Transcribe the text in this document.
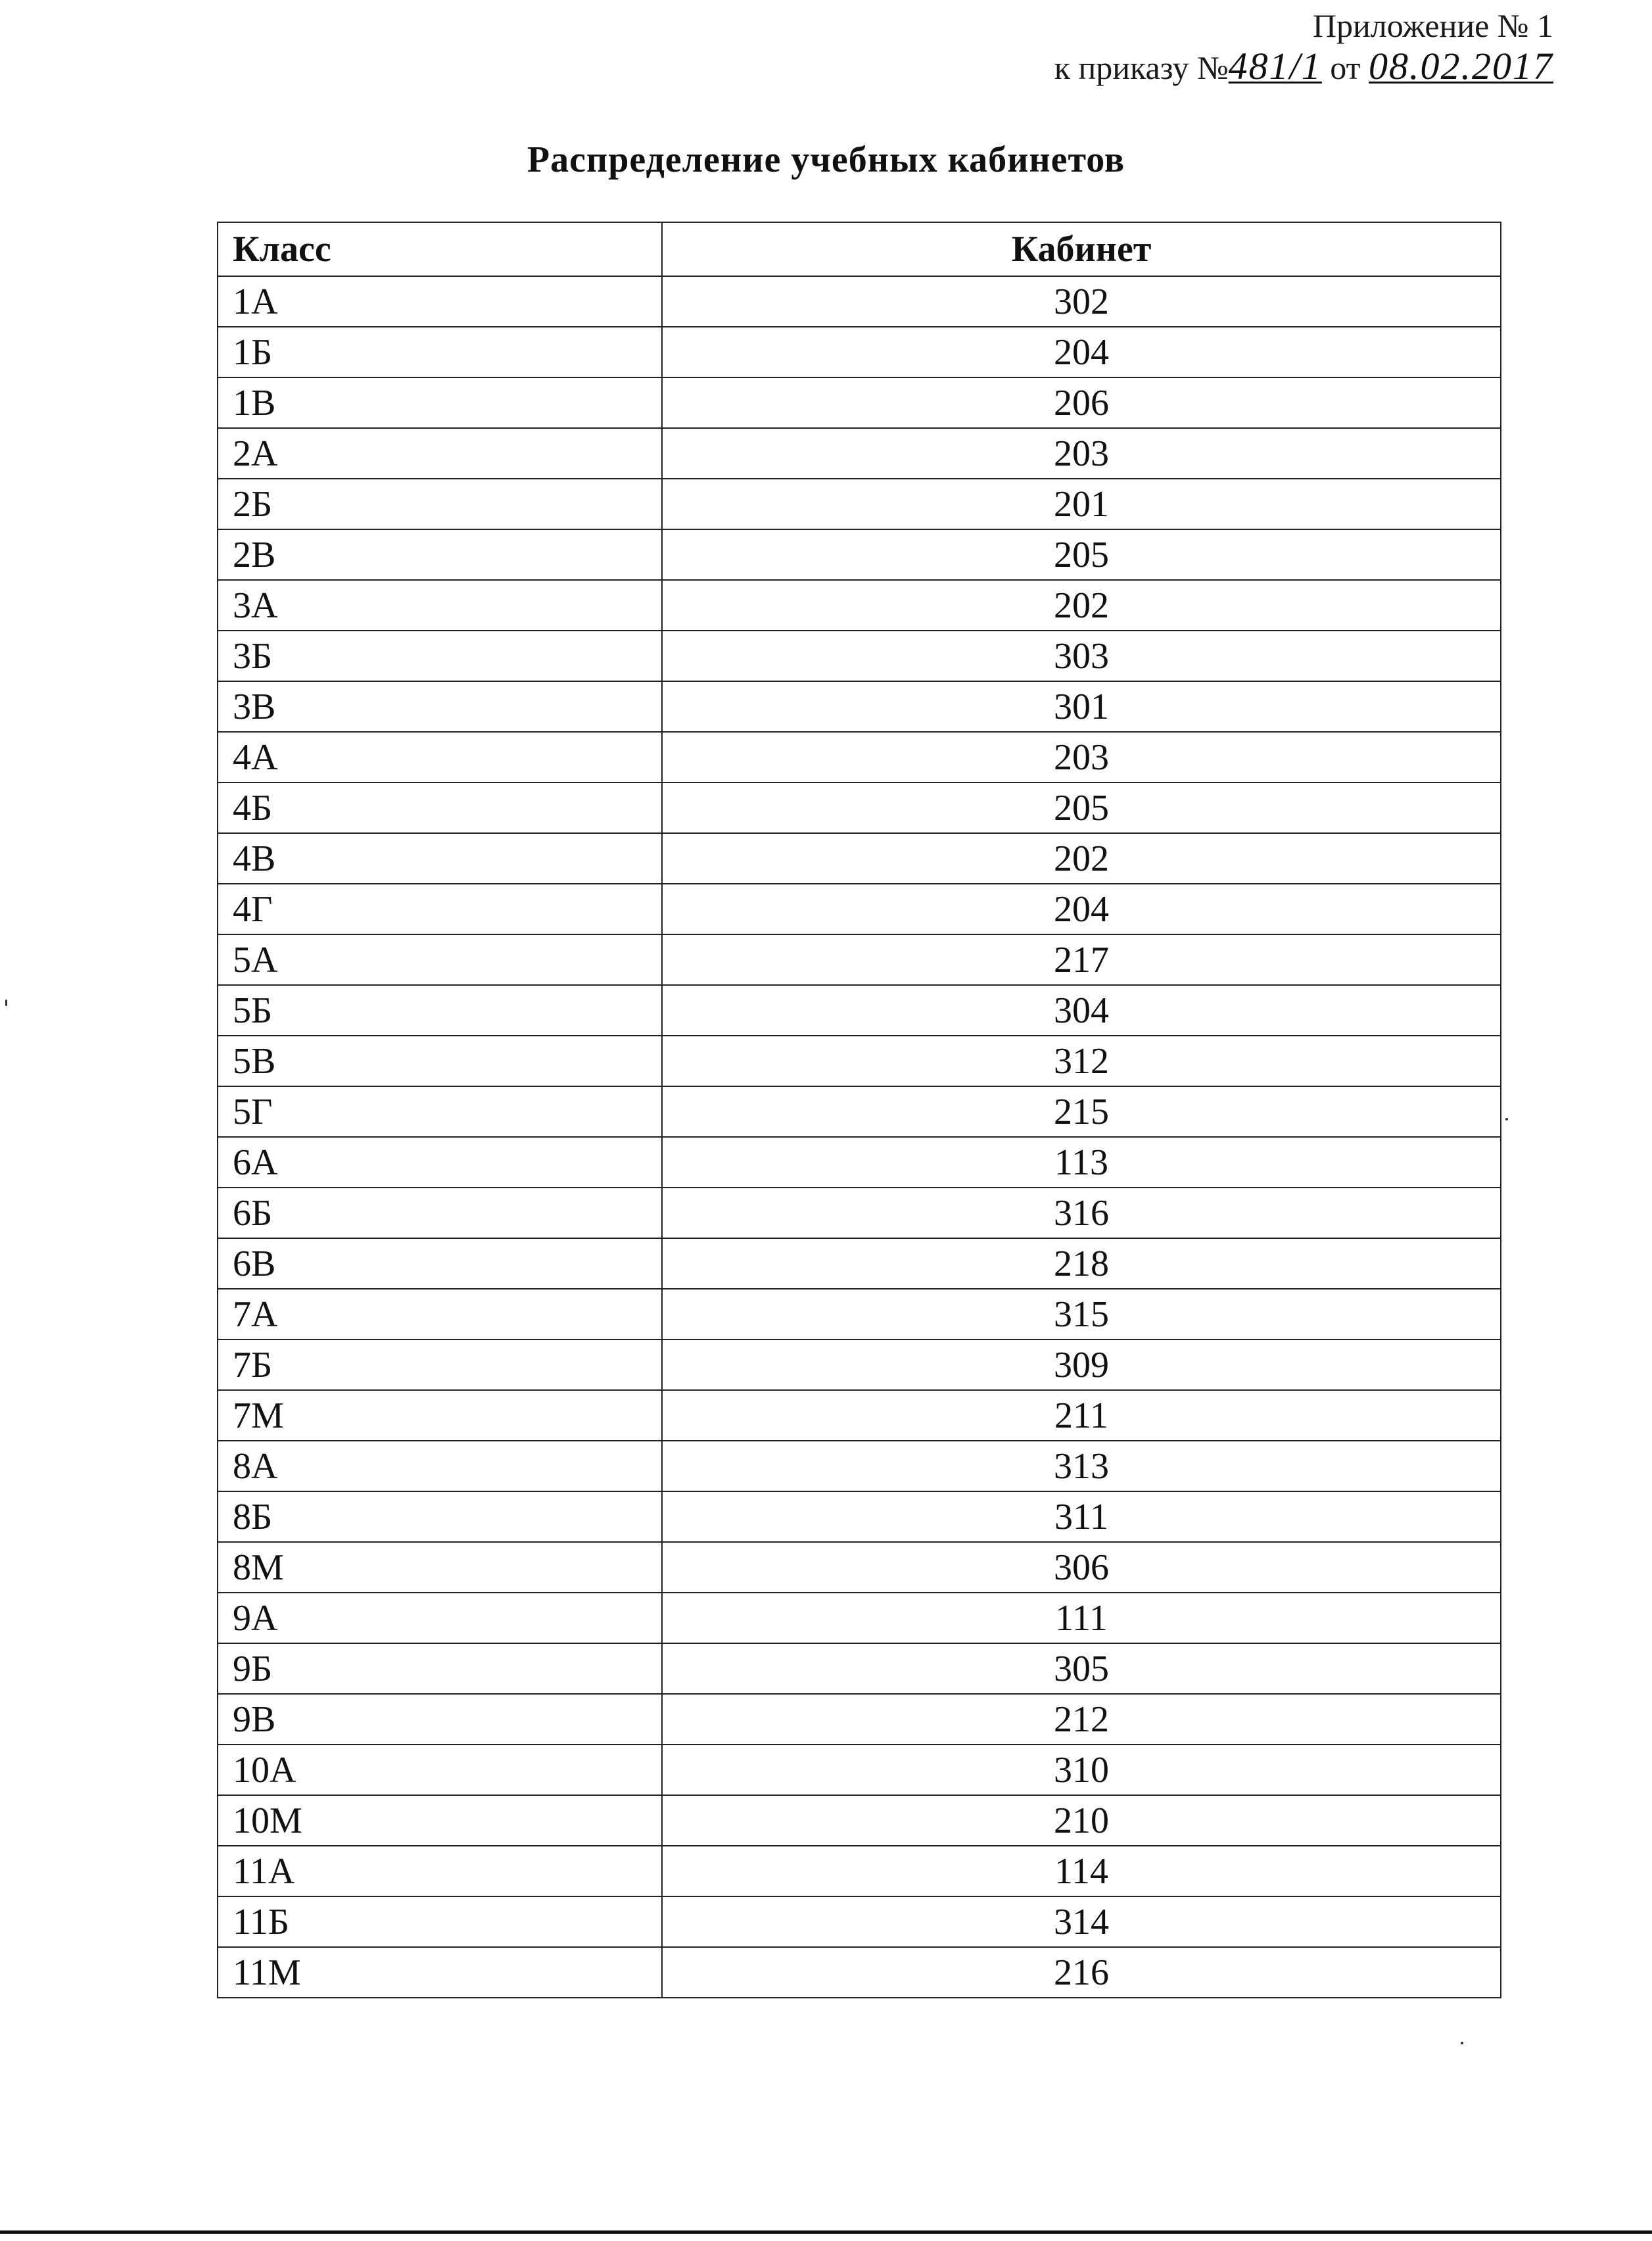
Приложение № 1
к приказу №481/1 от 08.02.2017
Распределение учебных кабинетов
Класс	Кабинет
1А	302
1Б	204
1В	206
2А	203
2Б	201
2В	205
3А	202
3Б	303
3В	301
4А	203
4Б	205
4В	202
4Г	204
5А	217
5Б	304
5В	312
5Г	215
6А	113
6Б	316
6В	218
7А	315
7Б	309
7М	211
8А	313
8Б	311
8М	306
9А	111
9Б	305
9В	212
10А	310
10М	210
11А	114
11Б	314
11М	216
